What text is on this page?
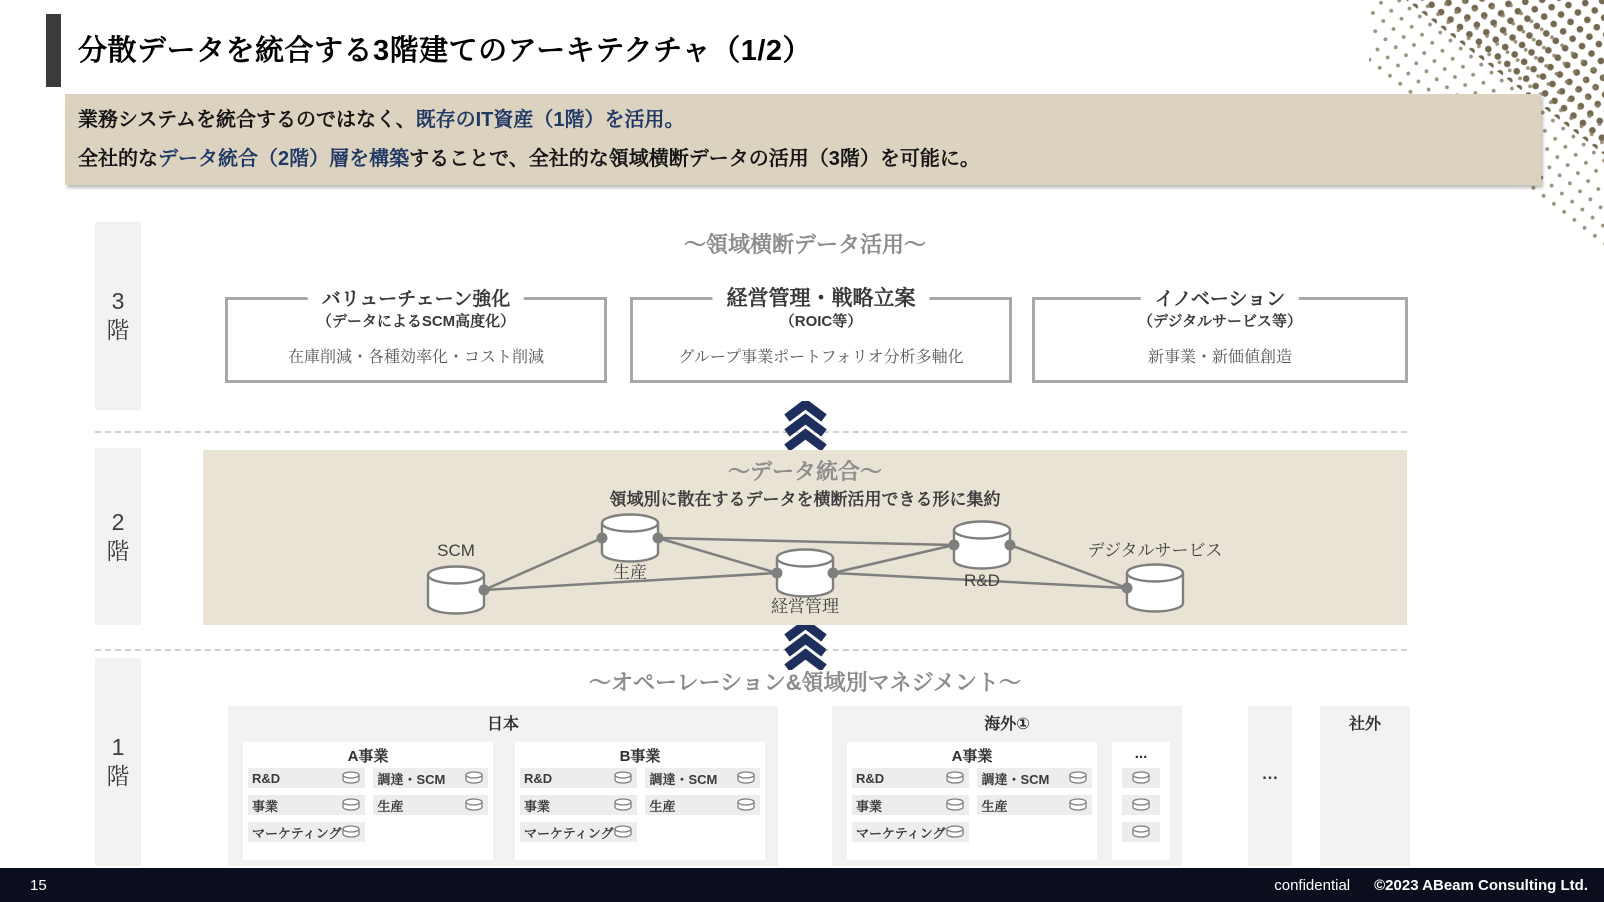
分散データを統合する3階建てのアーキテクチャ（1/2）
業務システムを統合するのではなく、既存のIT資産（1階）を活用。
全社的なデータ統合（2階）層を構築することで、全社的な領域横断データの活用（3階）を可能に。
3
階
～領域横断データ活用～
バリューチェーン強化
（データによるSCM高度化）
在庫削減・各種効率化・コスト削減
経営管理・戦略立案
（ROIC等）
グループ事業ポートフォリオ分析多軸化
イノベーション
（デジタルサービス等）
新事業・新価値創造
2
階
～データ統合～
領域別に散在するデータを横断活用できる形に集約
SCM
生産
経営管理
R&D
デジタルサービス
1
階
～オペーレーション&領域別マネジメント～
日本
A事業
R&D	調達・SCM
事業	生産
マーケティング
B事業
R&D	調達・SCM
事業	生産
マーケティング
海外①
A事業
R&D	調達・SCM
事業	生産
マーケティング
...
…
社外
15	confidential ©2023 ABeam Consulting Ltd.
